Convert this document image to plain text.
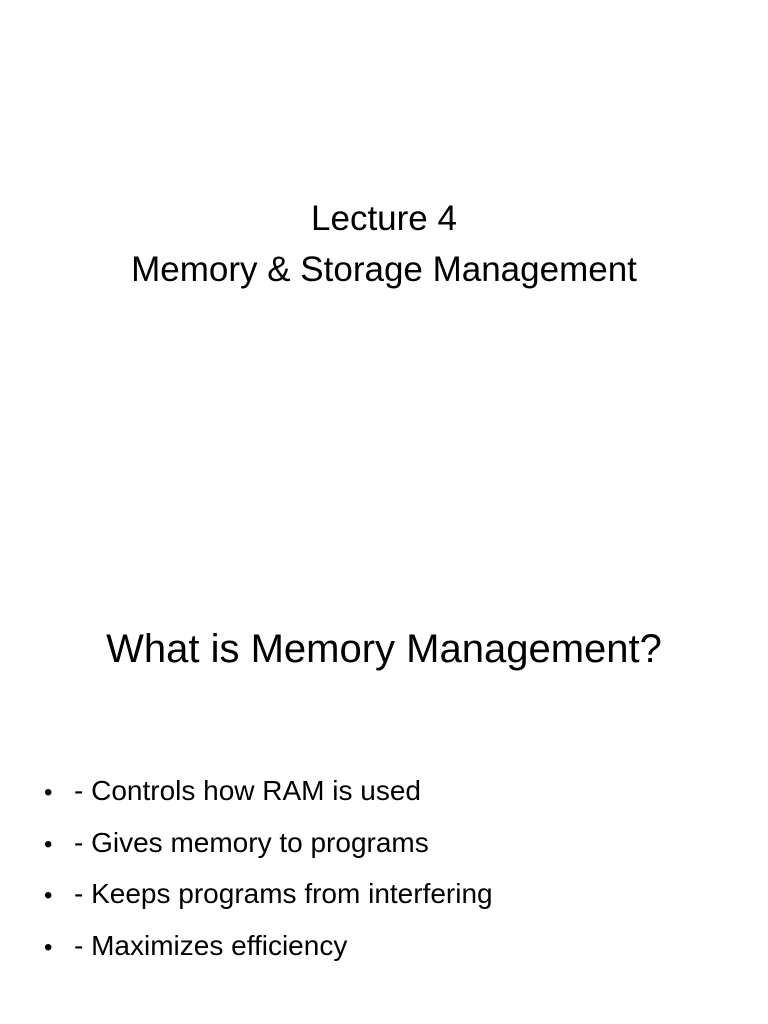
Lecture 4
Memory & Storage Management
What is Memory Management?
• - Controls how RAM is used
• - Gives memory to programs
• - Keeps programs from interfering
• - Maximizes efficiency
